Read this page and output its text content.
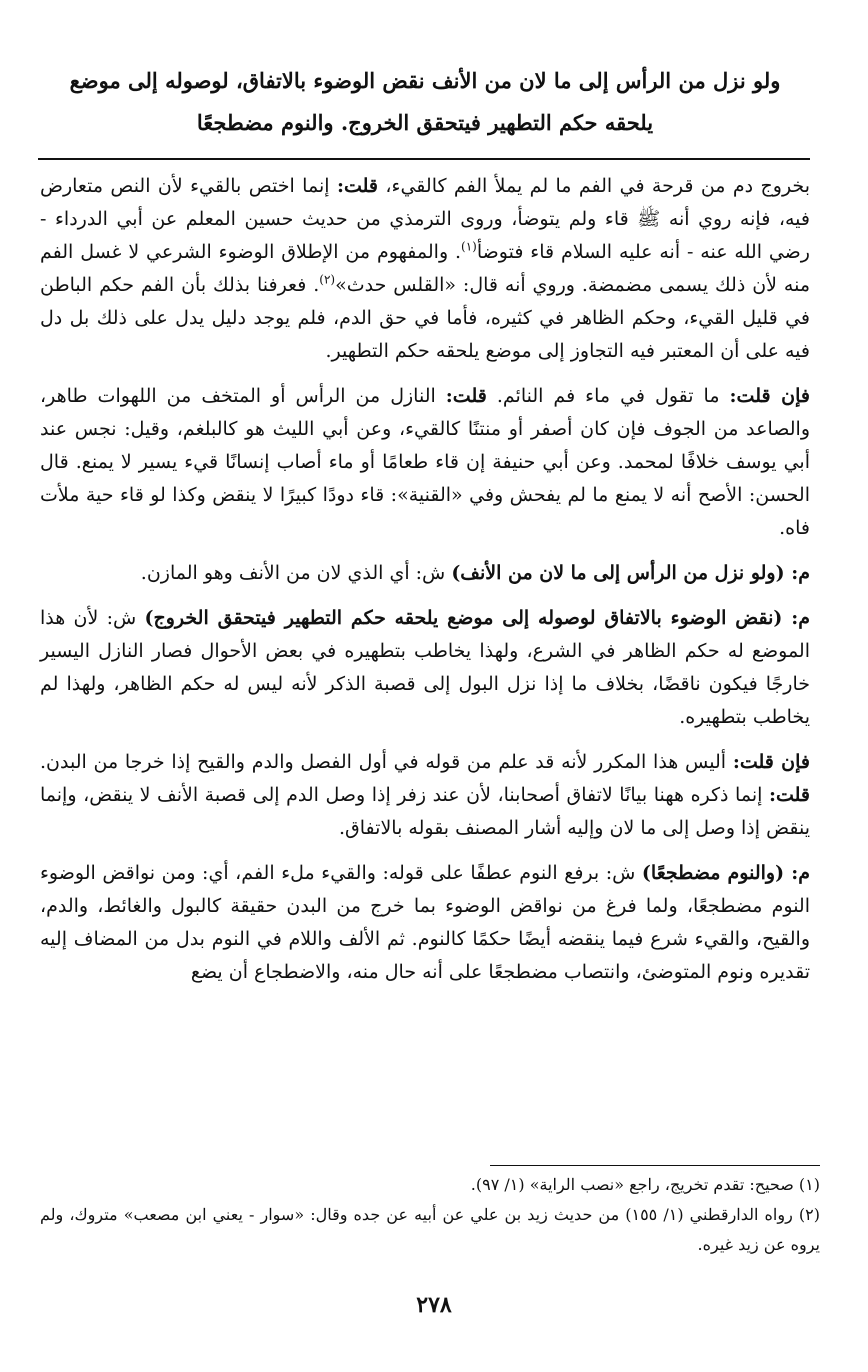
ولو نزل من الرأس إلى ما لان من الأنف نقض الوضوء بالاتفاق، لوصوله إلى موضع يلحقه حكم التطهير فيتحقق الخروج. والنوم مضطجعًا

بخروج دم من قرحة في الفم ما لم يملأ الفم كالقيء، قلت: إنما اختص بالقيء لأن النص متعارض فيه، فإنه روي أنه ﷺ قاء ولم يتوضأ، وروى الترمذي من حديث حسين المعلم عن أبي الدرداء - رضي الله عنه - أنه عليه السلام قاء فتوضأ$^{(١)}$. والمفهوم من الإطلاق الوضوء الشرعي لا غسل الفم منه لأن ذلك يسمى مضمضة. وروي أنه قال: «القلس حدث»$^{(٢)}$. فعرفنا بذلك بأن الفم حكم الباطن في قليل القيء، وحكم الظاهر في كثيره، فأما في حق الدم، فلم يوجد دليل يدل على ذلك بل دل فيه على أن المعتبر فيه التجاوز إلى موضع يلحقه حكم التطهير.

فإن قلت: ما تقول في ماء فم النائم. قلت: النازل من الرأس أو المتخف من اللهوات طاهر، والصاعد من الجوف فإن كان أصفر أو منتنًا كالقيء، وعن أبي الليث هو كالبلغم، وقيل: نجس عند أبي يوسف خلافًا لمحمد. وعن أبي حنيفة إن قاء طعامًا أو ماء أصاب إنسانًا قيء يسير لا يمنع. قال الحسن: الأصح أنه لا يمنع ما لم يفحش وفي «القنية»: قاء دودًا كبيرًا لا ينقض وكذا لو قاء حية ملأت فاه.

م: (ولو نزل من الرأس إلى ما لان من الأنف) ش: أي الذي لان من الأنف وهو المازن.

م: (نقض الوضوء بالاتفاق لوصوله إلى موضع يلحقه حكم التطهير فيتحقق الخروج) ش: لأن هذا الموضع له حكم الظاهر في الشرع، ولهذا يخاطب بتطهيره في بعض الأحوال فصار النازل اليسير خارجًا فيكون ناقضًا، بخلاف ما إذا نزل البول إلى قصبة الذكر لأنه ليس له حكم الظاهر، ولهذا لم يخاطب بتطهيره.

فإن قلت: أليس هذا المكرر لأنه قد علم من قوله في أول الفصل والدم والقيح إذا خرجا من البدن. قلت: إنما ذكره ههنا بيانًا لاتفاق أصحابنا، لأن عند زفر إذا وصل الدم إلى قصبة الأنف لا ينقض، وإنما ينقض إذا وصل إلى ما لان وإليه أشار المصنف بقوله بالاتفاق.

م: (والنوم مضطجعًا) ش: برفع النوم عطفًا على قوله: والقيء ملء الفم، أي: ومن نواقض الوضوء النوم مضطجعًا، ولما فرغ من نواقض الوضوء بما خرج من البدن حقيقة كالبول والغائط، والدم، والقيح، والقيء شرع فيما ينقضه أيضًا حكمًا كالنوم. ثم الألف واللام في النوم بدل من المضاف إليه تقديره ونوم المتوضئ، وانتصاب مضطجعًا على أنه حال منه، والاضطجاع أن يضع

(١) صحيح: تقدم تخريج، راجع «نصب الراية» (١/ ٩٧).

(٢) رواه الدارقطني (١/ ١٥٥) من حديث زيد بن علي عن أبيه عن جده وقال: «سوار - يعني ابن مصعب» متروك، ولم يروه عن زيد غيره.

٢٧٨
